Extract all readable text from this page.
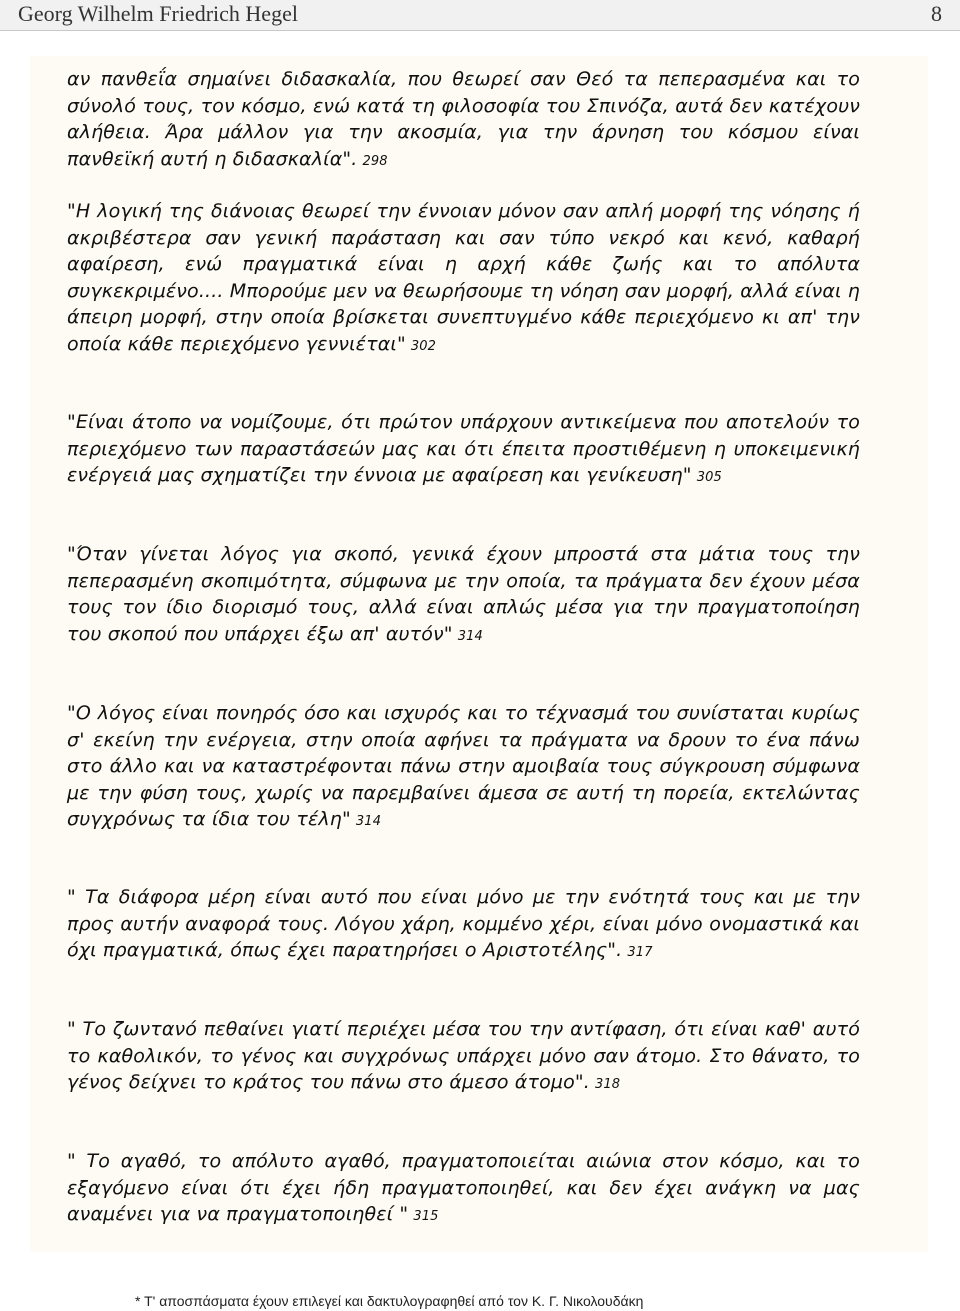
Georg Wilhelm Friedrich Hegel	8

αν πανθεΐα σημαίνει διδασκαλία, που θεωρεί σαν Θεό τα πεπερασμένα και το σύνολό τους, τον κόσμο, ενώ κατά τη φιλοσοφία του Σπινόζα, αυτά δεν κατέχουν αλήθεια. Άρα μάλλον για την ακοσμία, για την άρνηση του κόσμου είναι πανθεϊκή αυτή η διδασκαλία". 298

"Η λογική της διάνοιας θεωρεί την έννοιαν μόνον σαν απλή μορφή της νόησης ή ακριβέστερα σαν γενική παράσταση και σαν τύπο νεκρό και κενό, καθαρή αφαίρεση, ενώ πραγματικά είναι η αρχή κάθε ζωής και το απόλυτα συγκεκριμένο.... Μπορούμε μεν να θεωρήσουμε τη νόηση σαν μορφή, αλλά είναι η άπειρη μορφή, στην οποία βρίσκεται συνεπτυγμένο κάθε περιεχόμενο κι απ' την οποία κάθε περιεχόμενο γεννιέται" 302

"Είναι άτοπο να νομίζουμε, ότι πρώτον υπάρχουν αντικείμενα που αποτελούν το περιεχόμενο των παραστάσεών μας και ότι έπειτα προστιθέμενη η υποκειμενική ενέργειά μας σχηματίζει την έννοια με αφαίρεση και γενίκευση" 305

"Όταν γίνεται λόγος για σκοπό, γενικά έχουν μπροστά στα μάτια τους την πεπερασμένη σκοπιμότητα, σύμφωνα με την οποία, τα πράγματα δεν έχουν μέσα τους τον ίδιο διορισμό τους, αλλά είναι απλώς μέσα για την πραγματοποίηση του σκοπού που υπάρχει έξω απ' αυτόν" 314

"Ο λόγος είναι πονηρός όσο και ισχυρός και το τέχνασμά του συνίσταται κυρίως σ' εκείνη την ενέργεια, στην οποία αφήνει τα πράγματα να δρουν το ένα πάνω στο άλλο και να καταστρέφονται πάνω στην αμοιβαία τους σύγκρουση σύμφωνα με την φύση τους, χωρίς να παρεμβαίνει άμεσα σε αυτή τη πορεία, εκτελώντας συγχρόνως τα ίδια του τέλη" 314

" Τα διάφορα μέρη είναι αυτό που είναι μόνο με την ενότητά τους και με την προς αυτήν αναφορά τους. Λόγου χάρη, κομμένο χέρι, είναι μόνο ονομαστικά και όχι πραγματικά, όπως έχει παρατηρήσει ο Αριστοτέλης". 317

" Το ζωντανό πεθαίνει γιατί περιέχει μέσα του την αντίφαση, ότι είναι καθ' αυτό το καθολικόν, το γένος και συγχρόνως υπάρχει μόνο σαν άτομο. Στο θάνατο, το γένος δείχνει το κράτος του πάνω στο άμεσο άτομο". 318

" Το αγαθό, το απόλυτο αγαθό, πραγματοποιείται αιώνια στον κόσμο, και το εξαγόμενο είναι ότι έχει ήδη πραγματοποιηθεί, και δεν έχει ανάγκη να μας αναμένει για να πραγματοποιηθεί " 315

* Τ' αποσπάσματα έχουν επιλεγεί και δακτυλογραφηθεί από τον Κ. Γ. Νικολουδάκη
